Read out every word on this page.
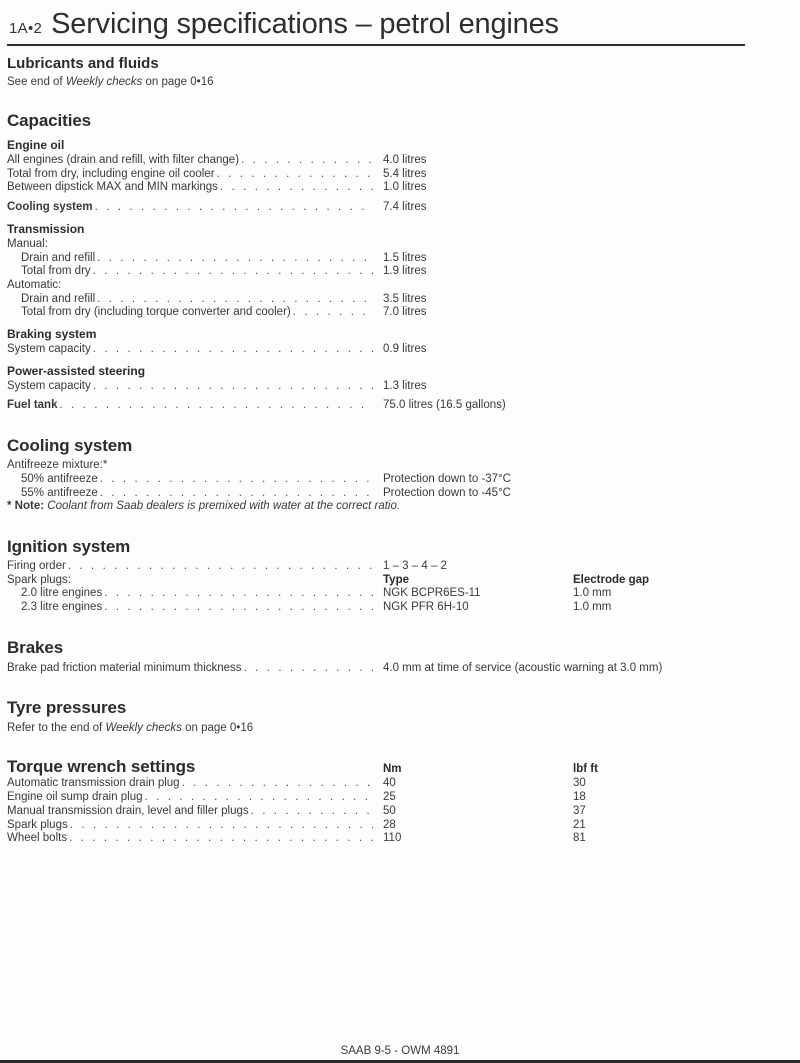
1A•2 Servicing specifications – petrol engines
Lubricants and fluids
See end of Weekly checks on page 0•16
Capacities
Engine oil
All engines (drain and refill, with filter change) . . .	4.0 litres
Total from dry, including engine oil cooler . . .	5.4 litres
Between dipstick MAX and MIN markings . . .	1.0 litres
Cooling system . . .	7.4 litres
Transmission
Manual:
Drain and refill . . .	1.5 litres
Total from dry . . .	1.9 litres
Automatic:
Drain and refill . . .	3.5 litres
Total from dry (including torque converter and cooler) . . .	7.0 litres
Braking system
System capacity . . .	0.9 litres
Power-assisted steering
System capacity . . .	1.3 litres
Fuel tank . . .	75.0 litres (16.5 gallons)
Cooling system
Antifreeze mixture:*
50% antifreeze . . .	Protection down to -37°C
55% antifreeze . . .	Protection down to -45°C
* Note: Coolant from Saab dealers is premixed with water at the correct ratio.
Ignition system
Firing order . . .	1 – 3 – 4 – 2
Spark plugs:	Type	Electrode gap
2.0 litre engines . . .	NGK BCPR6ES-11	1.0 mm
2.3 litre engines . . .	NGK PFR 6H-10	1.0 mm
Brakes
Brake pad friction material minimum thickness . . .	4.0 mm at time of service (acoustic warning at 3.0 mm)
Tyre pressures
Refer to the end of Weekly checks on page 0•16
Torque wrench settings	Nm	lbf ft
Automatic transmission drain plug . . .	40	30
Engine oil sump drain plug . . .	25	18
Manual transmission drain, level and filler plugs . . .	50	37
Spark plugs . . .	28	21
Wheel bolts . . .	110	81
SAAB 9-5 - OWM 4891
